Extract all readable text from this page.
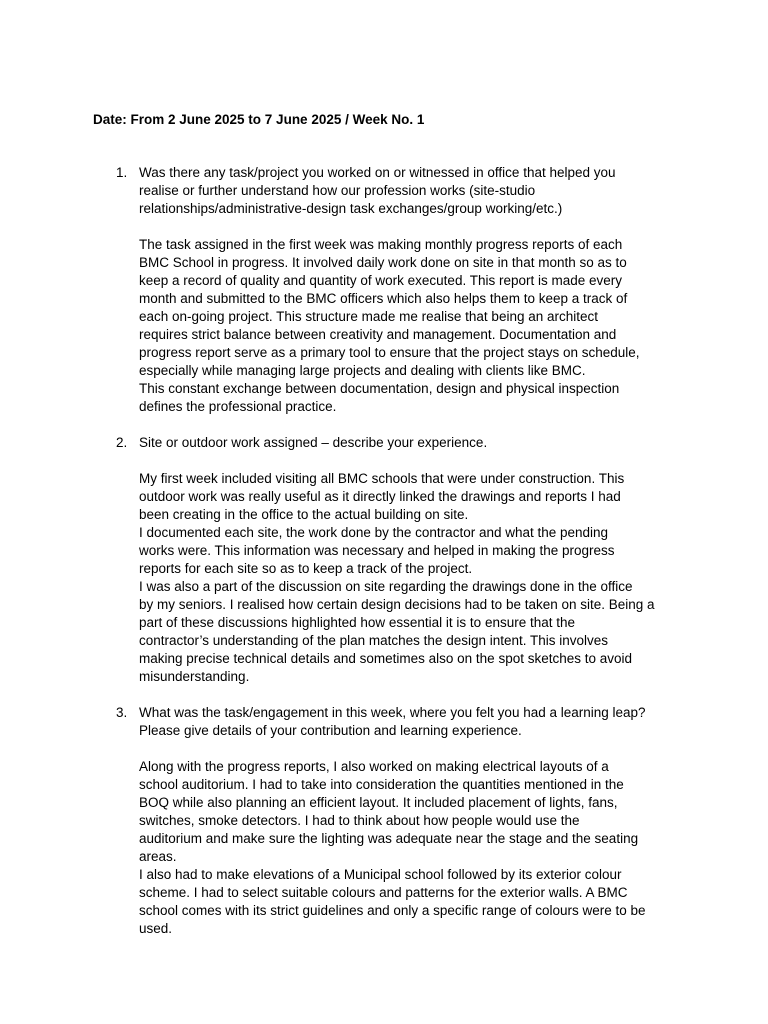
Date: From 2 June 2025 to 7 June 2025 / Week No. 1
1. Was there any task/project you worked on or witnessed in office that helped you
realise or further understand how our profession works (site-studio
relationships/administrative-design task exchanges/group working/etc.)

The task assigned in the first week was making monthly progress reports of each
BMC School in progress. It involved daily work done on site in that month so as to
keep a record of quality and quantity of work executed. This report is made every
month and submitted to the BMC officers which also helps them to keep a track of
each on-going project. This structure made me realise that being an architect
requires strict balance between creativity and management. Documentation and
progress report serve as a primary tool to ensure that the project stays on schedule,
especially while managing large projects and dealing with clients like BMC.
This constant exchange between documentation, design and physical inspection
defines the professional practice.

2. Site or outdoor work assigned – describe your experience.

My first week included visiting all BMC schools that were under construction. This
outdoor work was really useful as it directly linked the drawings and reports I had
been creating in the office to the actual building on site.
I documented each site, the work done by the contractor and what the pending
works were. This information was necessary and helped in making the progress
reports for each site so as to keep a track of the project.
I was also a part of the discussion on site regarding the drawings done in the office
by my seniors. I realised how certain design decisions had to be taken on site. Being a
part of these discussions highlighted how essential it is to ensure that the
contractor’s understanding of the plan matches the design intent. This involves
making precise technical details and sometimes also on the spot sketches to avoid
misunderstanding.

3. What was the task/engagement in this week, where you felt you had a learning leap?
Please give details of your contribution and learning experience.

Along with the progress reports, I also worked on making electrical layouts of a
school auditorium. I had to take into consideration the quantities mentioned in the
BOQ while also planning an efficient layout. It included placement of lights, fans,
switches, smoke detectors. I had to think about how people would use the
auditorium and make sure the lighting was adequate near the stage and the seating
areas.
I also had to make elevations of a Municipal school followed by its exterior colour
scheme. I had to select suitable colours and patterns for the exterior walls. A BMC
school comes with its strict guidelines and only a specific range of colours were to be
used.
